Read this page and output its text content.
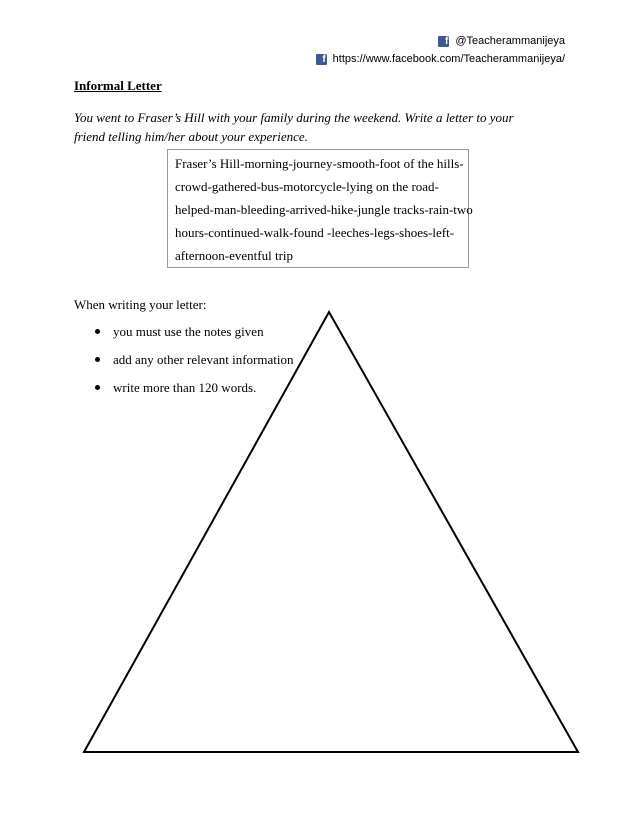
f @Teacherammanijeya
f https://www.facebook.com/Teacherammanijeya/
Informal Letter
You went to Fraser’s Hill with your family during the weekend. Write a letter to your friend telling him/her about your experience.
Fraser’s Hill-morning-journey-smooth-foot of the hills-
crowd-gathered-bus-motorcycle-lying on the road-
helped-man-bleeding-arrived-hike-jungle tracks-rain-two
hours-continued-walk-found -leeches-legs-shoes-left-
afternoon-eventful trip
When writing your letter:
you must use the notes given
add any other relevant information
write more than 120 words.
